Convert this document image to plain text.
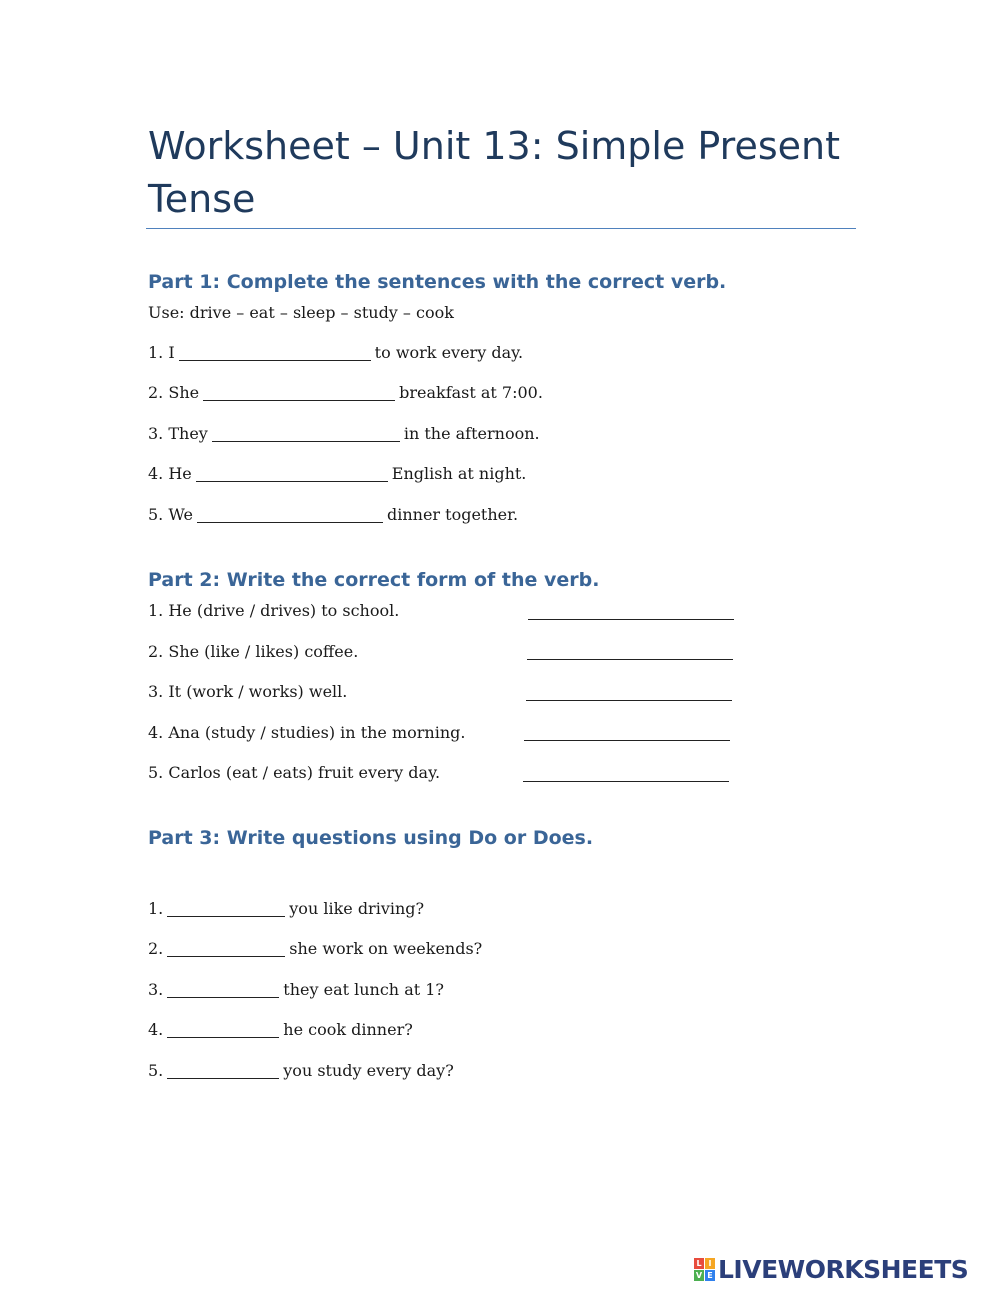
Worksheet – Unit 13: Simple Present Tense
Part 1: Complete the sentences with the correct verb.
Use: drive – eat – sleep – study – cook
1. I	to work every day.
2. She	breakfast at 7:00.
3. They	in the afternoon.
4. He	English at night.
5. We	dinner together.
Part 2: Write the correct form of the verb.
1. He (drive / drives) to school.
2. She (like / likes) coffee.
3. It (work / works) well.
4. Ana (study / studies) in the morning.
5. Carlos (eat / eats) fruit every day.
Part 3: Write questions using Do or Does.
1.	you like driving?
2.	she work on weekends?
3.	they eat lunch at 1?
4.	he cook dinner?
5.	you study every day?
L I
V E LIVEWORKSHEETS
